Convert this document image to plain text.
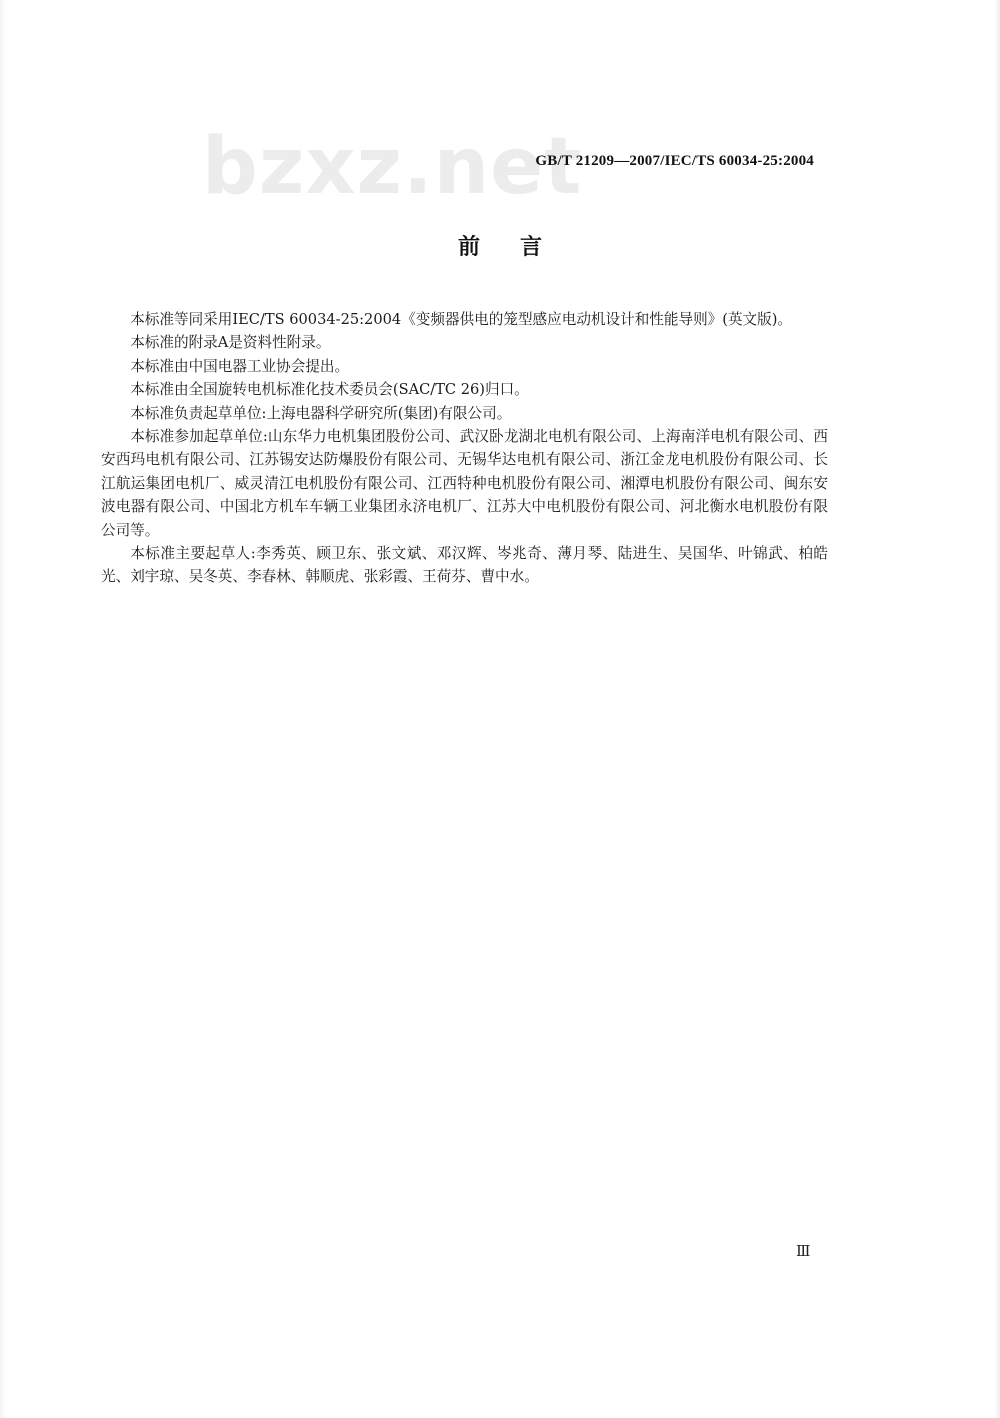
bzxz.net
GB/T 21209—2007/IEC/TS 60034-25:2004
前言

本标准等同采用IEC/TS 60034-25:2004《变频器供电的笼型感应电动机设计和性能导则》(英文版)。

本标准的附录A是资料性附录。

本标准由中国电器工业协会提出。

本标准由全国旋转电机标准化技术委员会(SAC/TC 26)归口。

本标准负责起草单位:上海电器科学研究所(集团)有限公司。

本标准参加起草单位:山东华力电机集团股份公司、武汉卧龙湖北电机有限公司、上海南洋电机有限公司、西安西玛电机有限公司、江苏锡安达防爆股份有限公司、无锡华达电机有限公司、浙江金龙电机股份有限公司、长江航运集团电机厂、威灵清江电机股份有限公司、江西特种电机股份有限公司、湘潭电机股份有限公司、闽东安波电器有限公司、中国北方机车车辆工业集团永济电机厂、江苏大中电机股份有限公司、河北衡水电机股份有限公司等。

本标准主要起草人:李秀英、顾卫东、张文斌、邓汉辉、岑兆奇、薄月琴、陆进生、吴国华、叶锦武、柏皓光、刘宇琼、吴冬英、李春林、韩顺虎、张彩霞、王荷芬、曹中水。

Ⅲ
